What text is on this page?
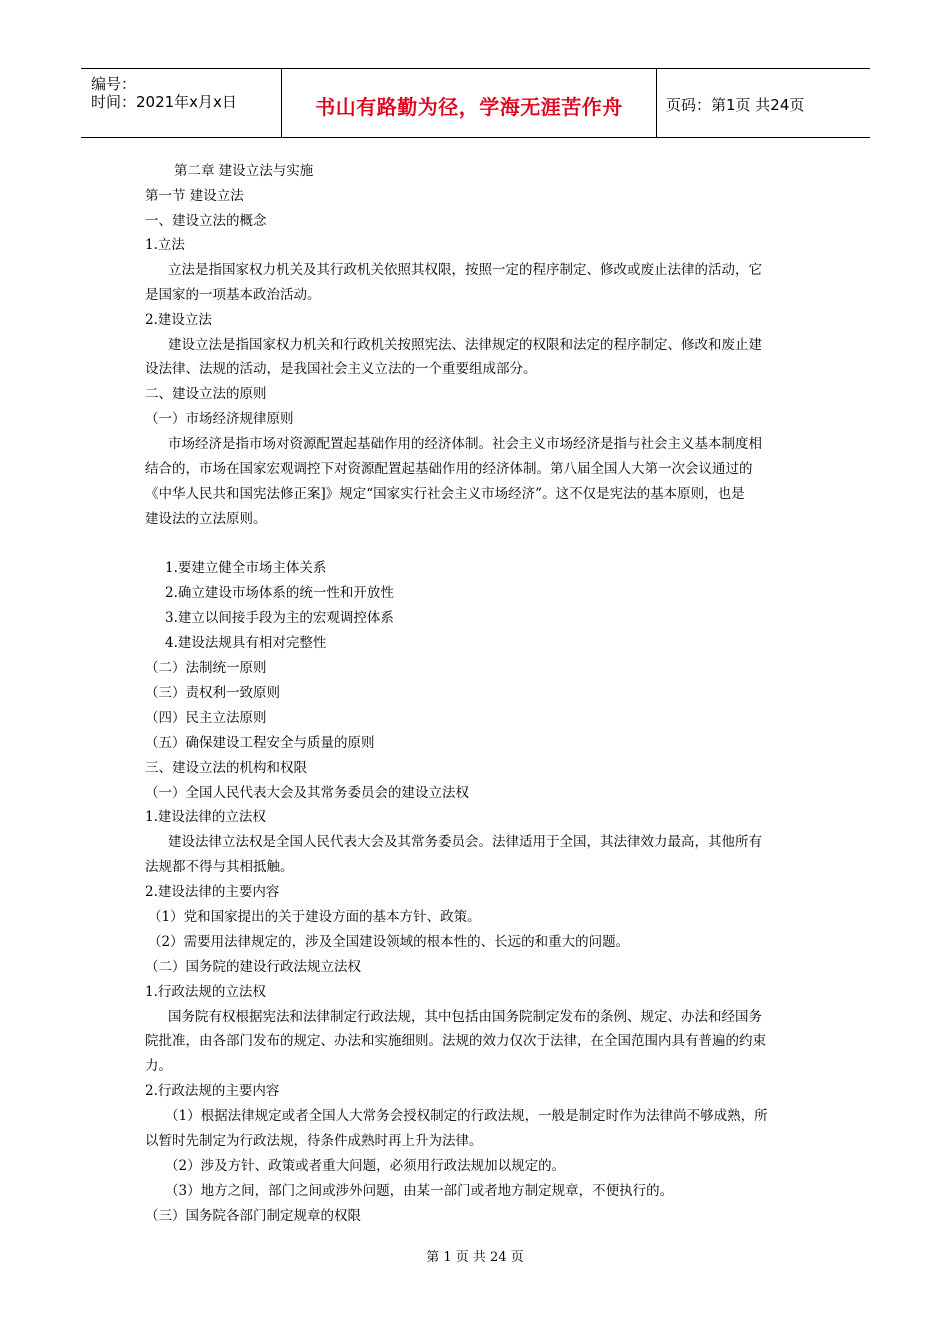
编号：
时间：2021年x月x日	书山有路勤为径，学海无涯苦作舟	页码：第1页 共24页
第二章 建设立法与实施
第一节 建设立法
一、建设立法的概念
1.立法
立法是指国家权力机关及其行政机关依照其权限，按照一定的程序制定、修改或废止法律的活动，它
是国家的一项基本政治活动。
2.建设立法
建设立法是指国家权力机关和行政机关按照宪法、法律规定的权限和法定的程序制定、修改和废止建
设法律、法规的活动，是我国社会主义立法的一个重要组成部分。
二、建设立法的原则
（一）市场经济规律原则
市场经济是指市场对资源配置起基础作用的经济体制。社会主义市场经济是指与社会主义基本制度相
结合的，市场在国家宏观调控下对资源配置起基础作用的经济体制。第八届全国人大第一次会议通过的
《中华人民共和国宪法修正案]》规定“国家实行社会主义市场经济”。这不仅是宪法的基本原则，也是
建设法的立法原则。
1.要建立健全市场主体关系
2.确立建设市场体系的统一性和开放性
3.建立以间接手段为主的宏观调控体系
4.建设法规具有相对完整性
（二）法制统一原则
（三）责权利一致原则
（四）民主立法原则
（五）确保建设工程安全与质量的原则
三、建设立法的机构和权限
（一）全国人民代表大会及其常务委员会的建设立法权
1.建设法律的立法权
建设法律立法权是全国人民代表大会及其常务委员会。法律适用于全国，其法律效力最高，其他所有
法规都不得与其相抵触。
2.建设法律的主要内容
（1）党和国家提出的关于建设方面的基本方针、政策。
（2）需要用法律规定的，涉及全国建设领域的根本性的、长远的和重大的问题。
（二）国务院的建设行政法规立法权
1.行政法规的立法权
国务院有权根据宪法和法律制定行政法规，其中包括由国务院制定发布的条例、规定、办法和经国务
院批准，由各部门发布的规定、办法和实施细则。法规的效力仅次于法律，在全国范围内具有普遍的约束
力。
2.行政法规的主要内容
（1）根据法律规定或者全国人大常务会授权制定的行政法规，一般是制定时作为法律尚不够成熟，所
以暂时先制定为行政法规，待条件成熟时再上升为法律。
（2）涉及方针、政策或者重大问题，必须用行政法规加以规定的。
（3）地方之间，部门之间或涉外问题，由某一部门或者地方制定规章，不便执行的。
（三）国务院各部门制定规章的权限
第 1 页 共 24 页
